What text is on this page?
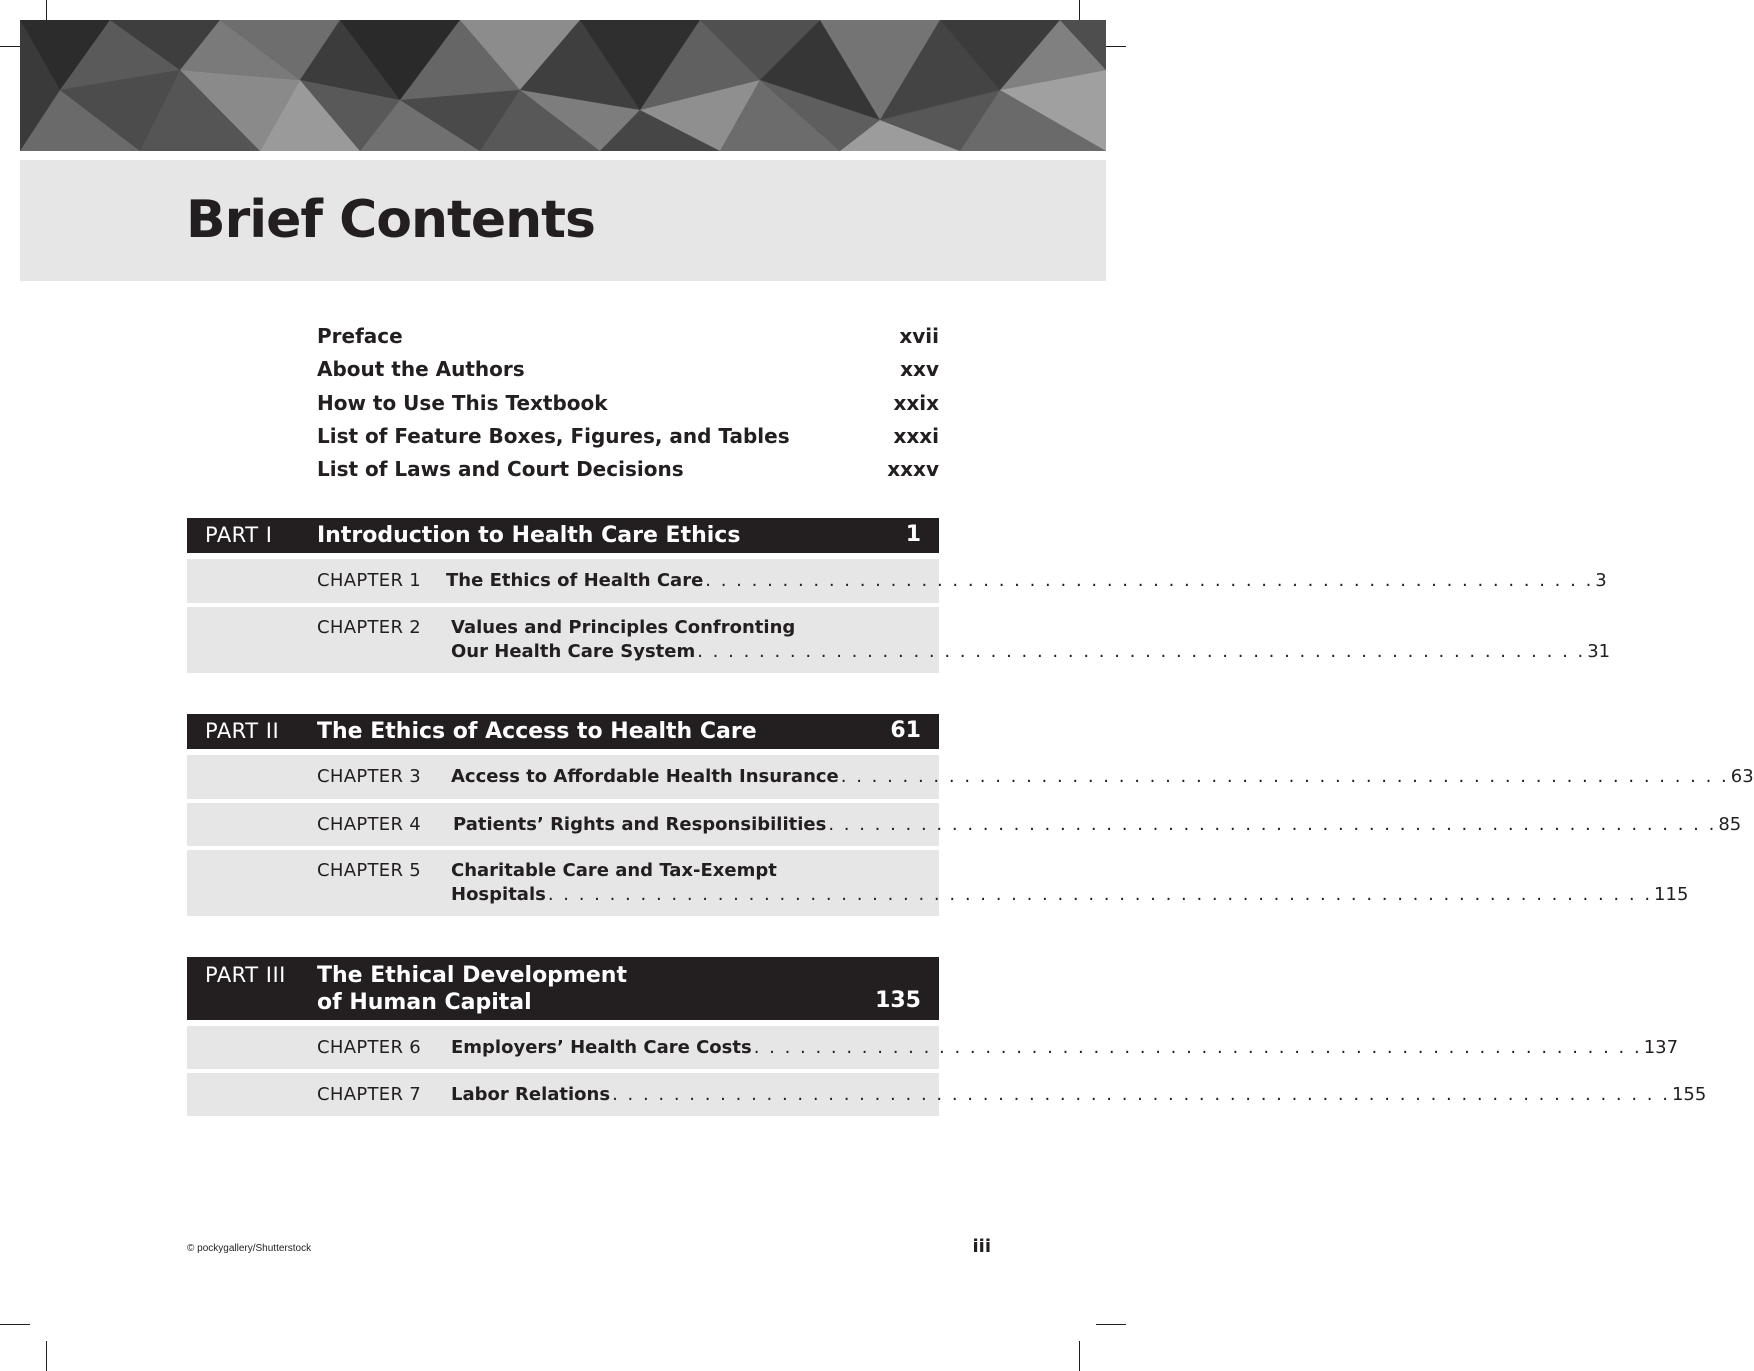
Brief Contents
Preface	xvii
About the Authors	xxv
How to Use This Textbook	xxix
List of Feature Boxes, Figures, and Tables	xxxi
List of Laws and Court Decisions	xxxv
PART I Introduction to Health Care Ethics	1
CHAPTER 1 The Ethics of Health Care . . . . . . . . . . . . . . . . . . . . . . . . . . . . . . . . . . . . . . . . . . . . . . . . . . . . . . . . . . 3
CHAPTER 2 Values and Principles Confronting
Our Health Care System . . . . . . . . . . . . . . . . . . . . . . . . . . . . . . . . . . . . . . . . . . . . . . . . . . . . . . . . . . 31
PART II The Ethics of Access to Health Care	61
CHAPTER 3 Access to Affordable Health Insurance . . . . . . . . . . . . . . . . . . . . . . . . . . . . . . . . . . . . . . . . . . . . . . . . . . . . . . . . . . 63
CHAPTER 4 Patients’ Rights and Responsibilities . . . . . . . . . . . . . . . . . . . . . . . . . . . . . . . . . . . . . . . . . . . . . . . . . . . . . . . . . . 85
CHAPTER 5 Charitable Care and Tax-Exempt
Hospitals . . . . . . . . . . . . . . . . . . . . . . . . . . . . . . . . . . . . . . . . . . . . . . . . . . . . . . . . . . . . . . . . . . . . . . . . 115
PART III The Ethical Development
of Human Capital	135
CHAPTER 6 Employers’ Health Care Costs . . . . . . . . . . . . . . . . . . . . . . . . . . . . . . . . . . . . . . . . . . . . . . . . . . . . . . . . . . 137
CHAPTER 7 Labor Relations . . . . . . . . . . . . . . . . . . . . . . . . . . . . . . . . . . . . . . . . . . . . . . . . . . . . . . . . . . . . . . . . . . . . . 155
© pockygallery/Shutterstock	iii
